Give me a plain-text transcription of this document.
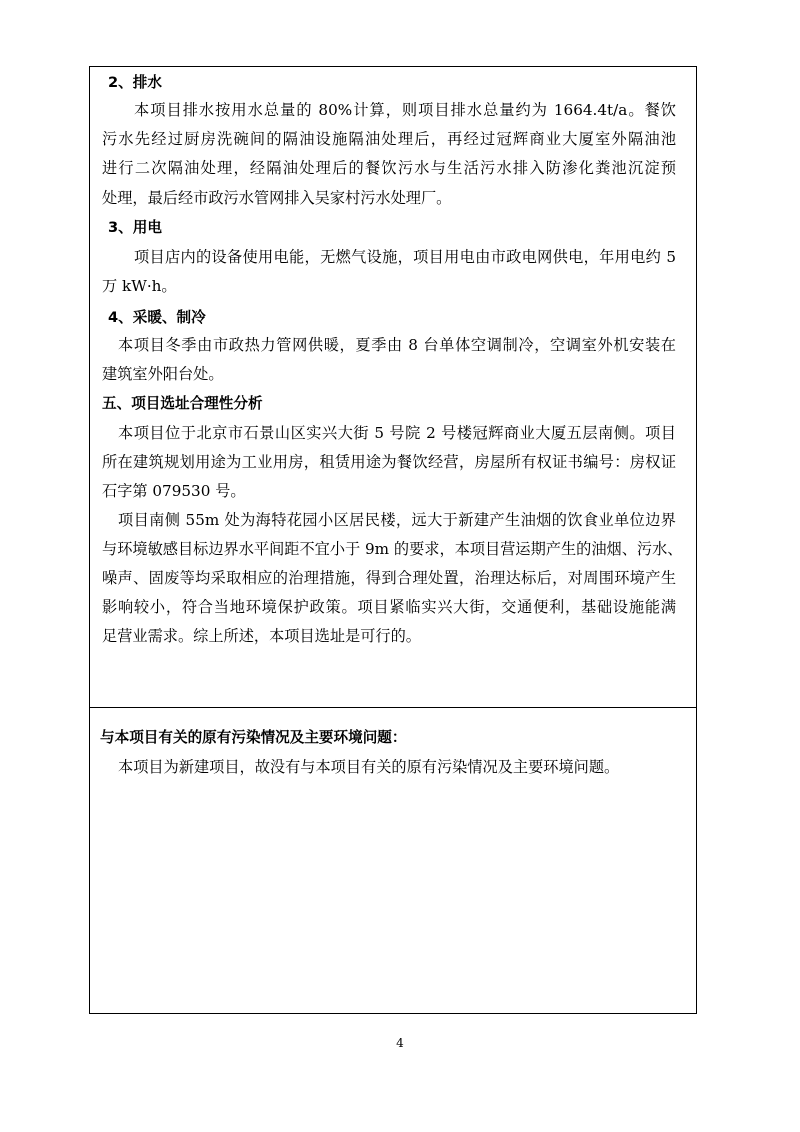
2、排水
本项目排水按用水总量的 80%计算，则项目排水总量约为 1664.4t/a。餐饮
污水先经过厨房洗碗间的隔油设施隔油处理后，再经过冠辉商业大厦室外隔油池
进行二次隔油处理，经隔油处理后的餐饮污水与生活污水排入防渗化粪池沉淀预
处理，最后经市政污水管网排入吴家村污水处理厂。
3、用电
项目店内的设备使用电能，无燃气设施，项目用电由市政电网供电，年用电约 5
万 kW·h。
4、采暖、制冷
本项目冬季由市政热力管网供暖，夏季由 8 台单体空调制冷，空调室外机安装在
建筑室外阳台处。
五、项目选址合理性分析
本项目位于北京市石景山区实兴大街 5 号院 2 号楼冠辉商业大厦五层南侧。项目
所在建筑规划用途为工业用房，租赁用途为餐饮经营，房屋所有权证书编号：房权证
石字第 079530 号。
项目南侧 55m 处为海特花园小区居民楼，远大于新建产生油烟的饮食业单位边界
与环境敏感目标边界水平间距不宜小于 9m 的要求，本项目营运期产生的油烟、污水、
噪声、固废等均采取相应的治理措施，得到合理处置，治理达标后，对周围环境产生
影响较小，符合当地环境保护政策。项目紧临实兴大街，交通便利，基础设施能满
足营业需求。综上所述，本项目选址是可行的。
与本项目有关的原有污染情况及主要环境问题：
本项目为新建项目，故没有与本项目有关的原有污染情况及主要环境问题。
4
